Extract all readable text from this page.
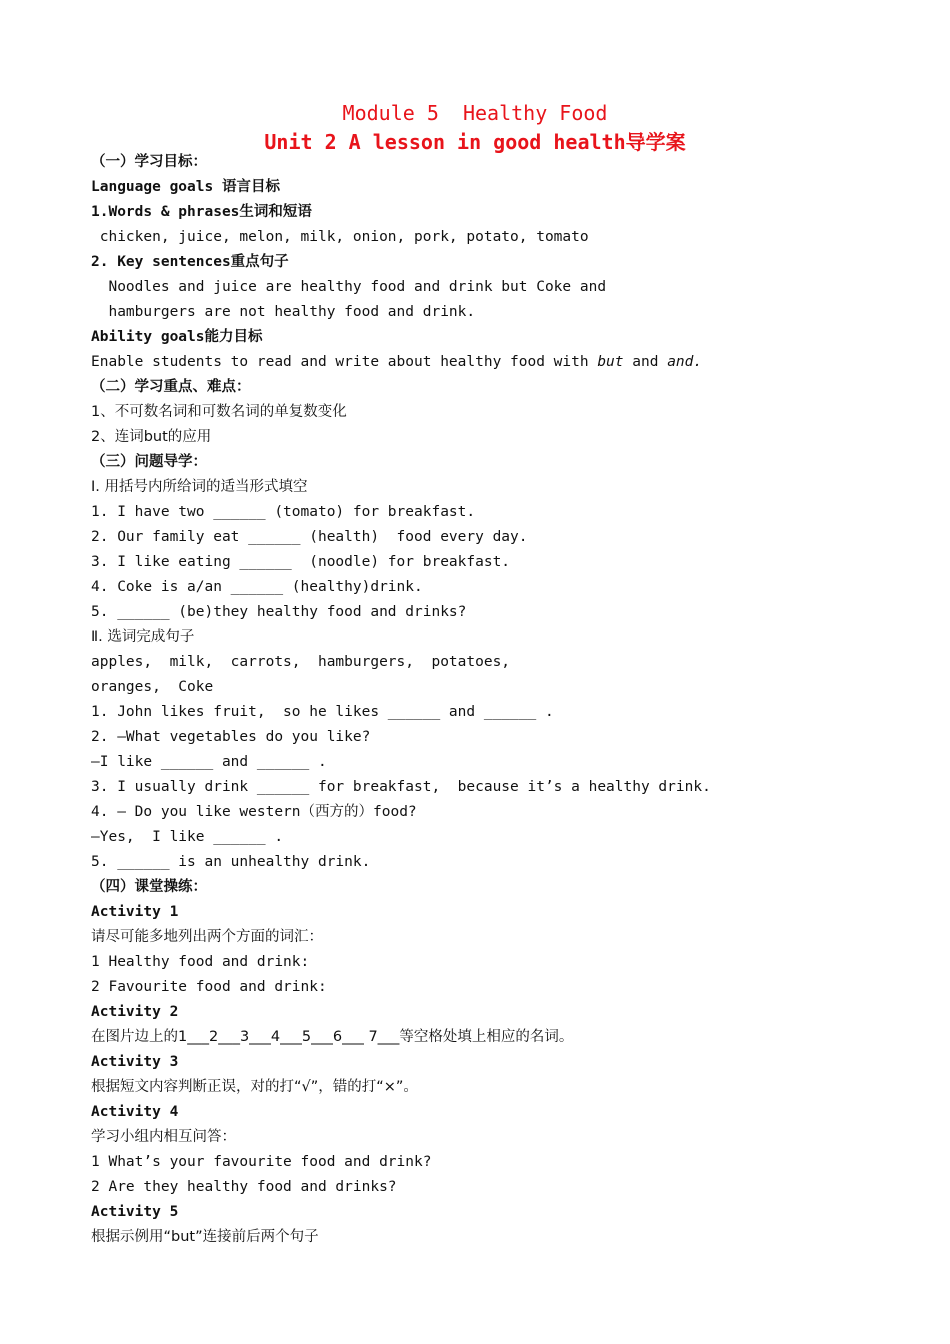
Module 5  Healthy Food
Unit 2 A lesson in good health导学案
（一）学习目标：
Language goals 语言目标
1.Words & phrases生词和短语
chicken, juice, melon, milk, onion, pork, potato, tomato
2. Key sentences重点句子
Noodles and juice are healthy food and drink but Coke and
hamburgers are not healthy food and drink.
Ability goals能力目标
Enable students to read and write about healthy food with but and and.
（二）学习重点、难点：
1、不可数名词和可数名词的单复数变化
2、连词but的应用
（三）问题导学：
I. 用括号内所给词的适当形式填空
1. I have two ______ (tomato) for breakfast.
2. Our family eat ______ (health)  food every day.
3. I like eating ______  (noodle) for breakfast.
4. Coke is a/an ______ (healthy)drink.
5. ______ (be)they healthy food and drinks?
Ⅱ. 选词完成句子
apples,  milk,  carrots,  hamburgers,  potatoes,
oranges,  Coke
1. John likes fruit,  so he likes ______ and ______ .
2. —What vegetables do you like?
—I like ______ and ______ .
3. I usually drink ______ for breakfast,  because it’s a healthy drink.
4. — Do you like western（西方的）food?
—Yes,  I like ______ .
5. ______ is an unhealthy drink.
（四）课堂操练：
Activity 1
请尽可能多地列出两个方面的词汇：
1 Healthy food and drink:
2 Favourite food and drink:
Activity 2
在图片边上的1___2___3___4___5___6___ 7___等空格处填上相应的名词。
Activity 3
根据短文内容判断正误，对的打“√”，错的打“×”。
Activity 4
学习小组内相互问答：
1 What’s your favourite food and drink?
2 Are they healthy food and drinks?
Activity 5
根据示例用“but”连接前后两个句子
